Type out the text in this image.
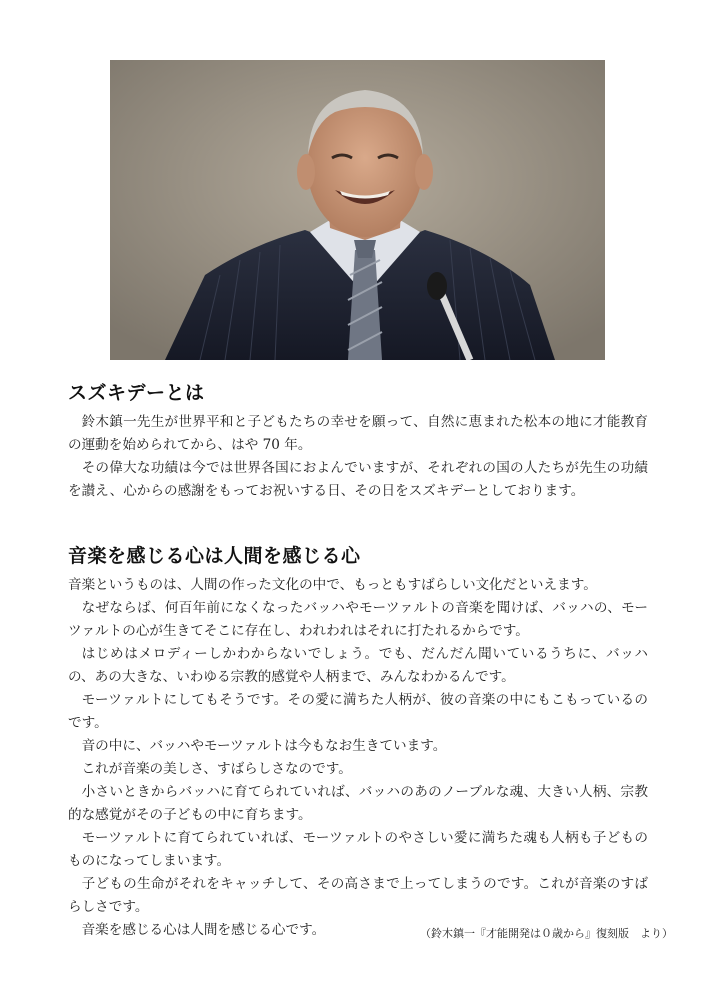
スズキデーとは

鈴木鎮一先生が世界平和と子どもたちの幸せを願って、自然に恵まれた松本の地に才能教育の運動を始められてから、はや 70 年。

その偉大な功績は今では世界各国におよんでいますが、それぞれの国の人たちが先生の功績を讃え、心からの感謝をもってお祝いする日、その日をスズキデーとしております。

音楽を感じる心は人間を感じる心

音楽というものは、人間の作った文化の中で、もっともすばらしい文化だといえます。

なぜならば、何百年前になくなったバッハやモーツァルトの音楽を聞けば、バッハの、モーツァルトの心が生きてそこに存在し、われわれはそれに打たれるからです。

はじめはメロディーしかわからないでしょう。でも、だんだん聞いているうちに、バッハの、あの大きな、いわゆる宗教的感覚や人柄まで、みんなわかるんです。

モーツァルトにしてもそうです。その愛に満ちた人柄が、彼の音楽の中にもこもっているのです。

音の中に、バッハやモーツァルトは今もなお生きています。

これが音楽の美しさ、すばらしさなのです。

小さいときからバッハに育てられていれば、バッハのあのノーブルな魂、大きい人柄、宗教的な感覚がその子どもの中に育ちます。

モーツァルトに育てられていれば、モーツァルトのやさしい愛に満ちた魂も人柄も子どものものになってしまいます。

子どもの生命がそれをキャッチして、その高さまで上ってしまうのです。これが音楽のすばらしさです。

音楽を感じる心は人間を感じる心です。	（鈴木鎮一『才能開発は０歳から』復刻版　より）
